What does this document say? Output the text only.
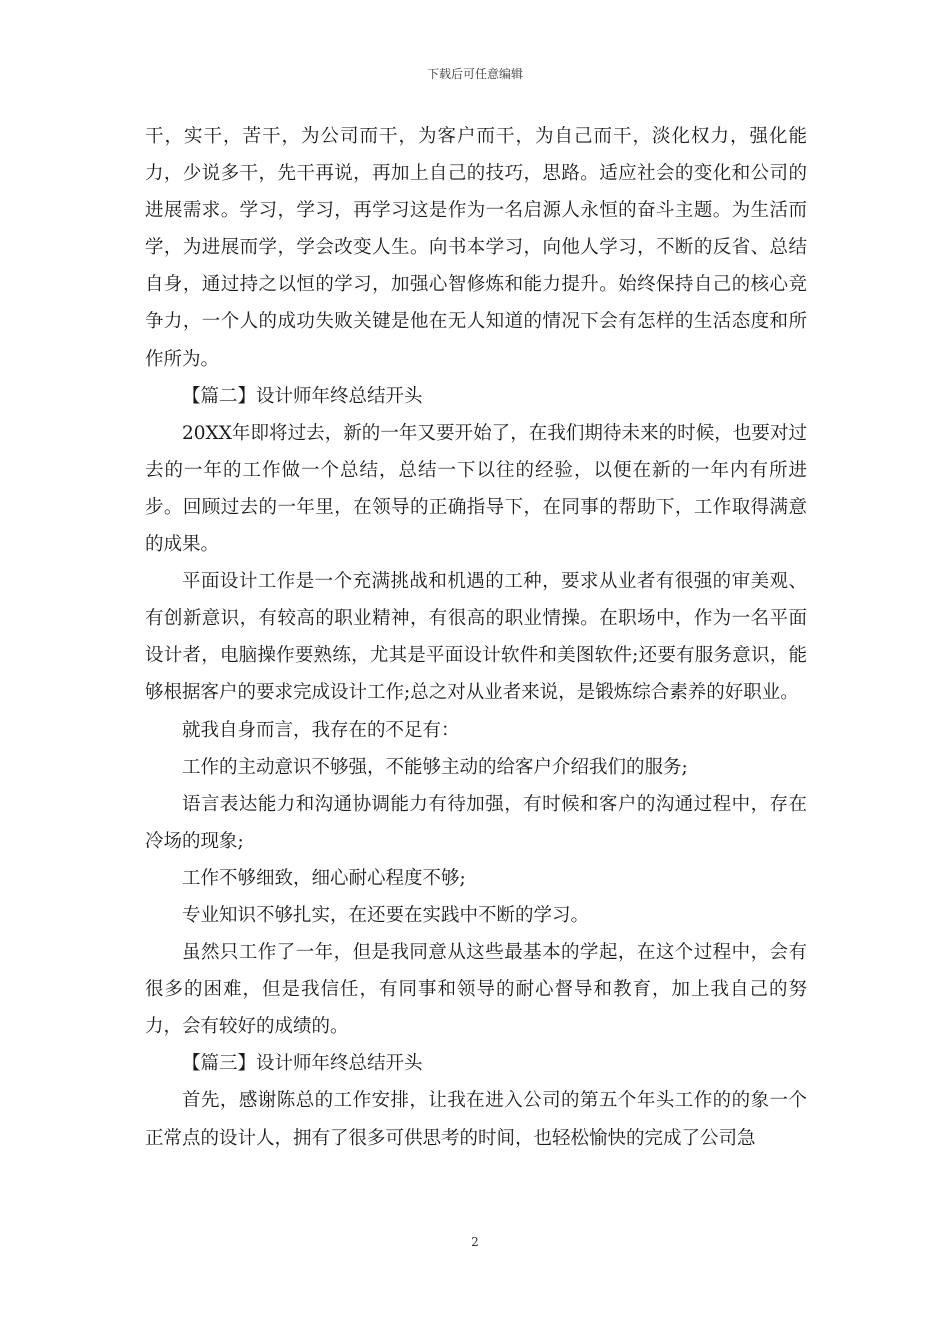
下载后可任意编辑

干，实干，苦干，为公司而干，为客户而干，为自己而干，淡化权力，强化能力，少说多干，先干再说，再加上自己的技巧，思路。适应社会的变化和公司的进展需求。学习，学习，再学习这是作为一名启源人永恒的奋斗主题。为生活而学，为进展而学，学会改变人生。向书本学习，向他人学习，不断的反省、总结自身，通过持之以恒的学习，加强心智修炼和能力提升。始终保持自己的核心竞争力，一个人的成功失败关键是他在无人知道的情况下会有怎样的生活态度和所作所为。

【篇二】设计师年终总结开头

20XX年即将过去，新的一年又要开始了，在我们期待未来的时候，也要对过去的一年的工作做一个总结，总结一下以往的经验，以便在新的一年内有所进步。回顾过去的一年里，在领导的正确指导下，在同事的帮助下，工作取得满意的成果。

平面设计工作是一个充满挑战和机遇的工种，要求从业者有很强的审美观、有创新意识，有较高的职业精神，有很高的职业情操。在职场中，作为一名平面设计者，电脑操作要熟练，尤其是平面设计软件和美图软件;还要有服务意识，能够根据客户的要求完成设计工作;总之对从业者来说，是锻炼综合素养的好职业。

就我自身而言，我存在的不足有：

工作的主动意识不够强，不能够主动的给客户介绍我们的服务;

语言表达能力和沟通协调能力有待加强，有时候和客户的沟通过程中，存在冷场的现象;

工作不够细致，细心耐心程度不够;

专业知识不够扎实，在还要在实践中不断的学习。

虽然只工作了一年，但是我同意从这些最基本的学起，在这个过程中，会有很多的困难，但是我信任，有同事和领导的耐心督导和教育，加上我自己的努力，会有较好的成绩的。

【篇三】设计师年终总结开头

首先，感谢陈总的工作安排，让我在进入公司的第五个年头工作的的象一个正常点的设计人，拥有了很多可供思考的时间，也轻松愉快的完成了公司急

2
